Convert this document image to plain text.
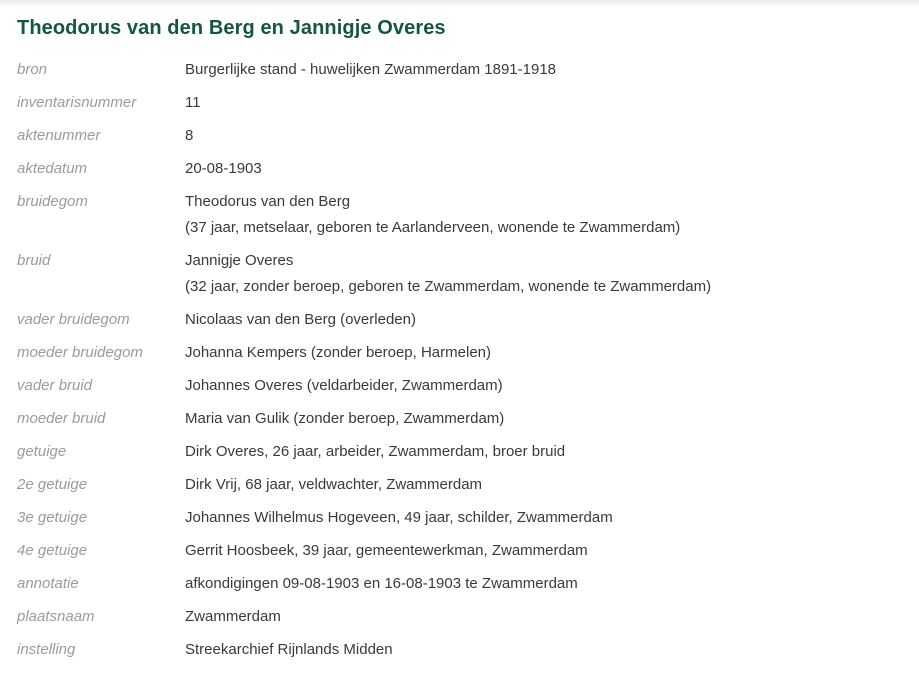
Theodorus van den Berg en Jannigje Overes
bron	Burgerlijke stand - huwelijken Zwammerdam 1891-1918
inventarisnummer	11
aktenummer	8
aktedatum	20-08-1903
bruidegom	Theodorus van den Berg
(37 jaar, metselaar, geboren te Aarlanderveen, wonende te Zwammerdam)
bruid	Jannigje Overes
(32 jaar, zonder beroep, geboren te Zwammerdam, wonende te Zwammerdam)
vader bruidegom	Nicolaas van den Berg (overleden)
moeder bruidegom	Johanna Kempers (zonder beroep, Harmelen)
vader bruid	Johannes Overes (veldarbeider, Zwammerdam)
moeder bruid	Maria van Gulik (zonder beroep, Zwammerdam)
getuige	Dirk Overes, 26 jaar, arbeider, Zwammerdam, broer bruid
2e getuige	Dirk Vrij, 68 jaar, veldwachter, Zwammerdam
3e getuige	Johannes Wilhelmus Hogeveen, 49 jaar, schilder, Zwammerdam
4e getuige	Gerrit Hoosbeek, 39 jaar, gemeentewerkman, Zwammerdam
annotatie	afkondigingen 09-08-1903 en 16-08-1903 te Zwammerdam
plaatsnaam	Zwammerdam
instelling	Streekarchief Rijnlands Midden
